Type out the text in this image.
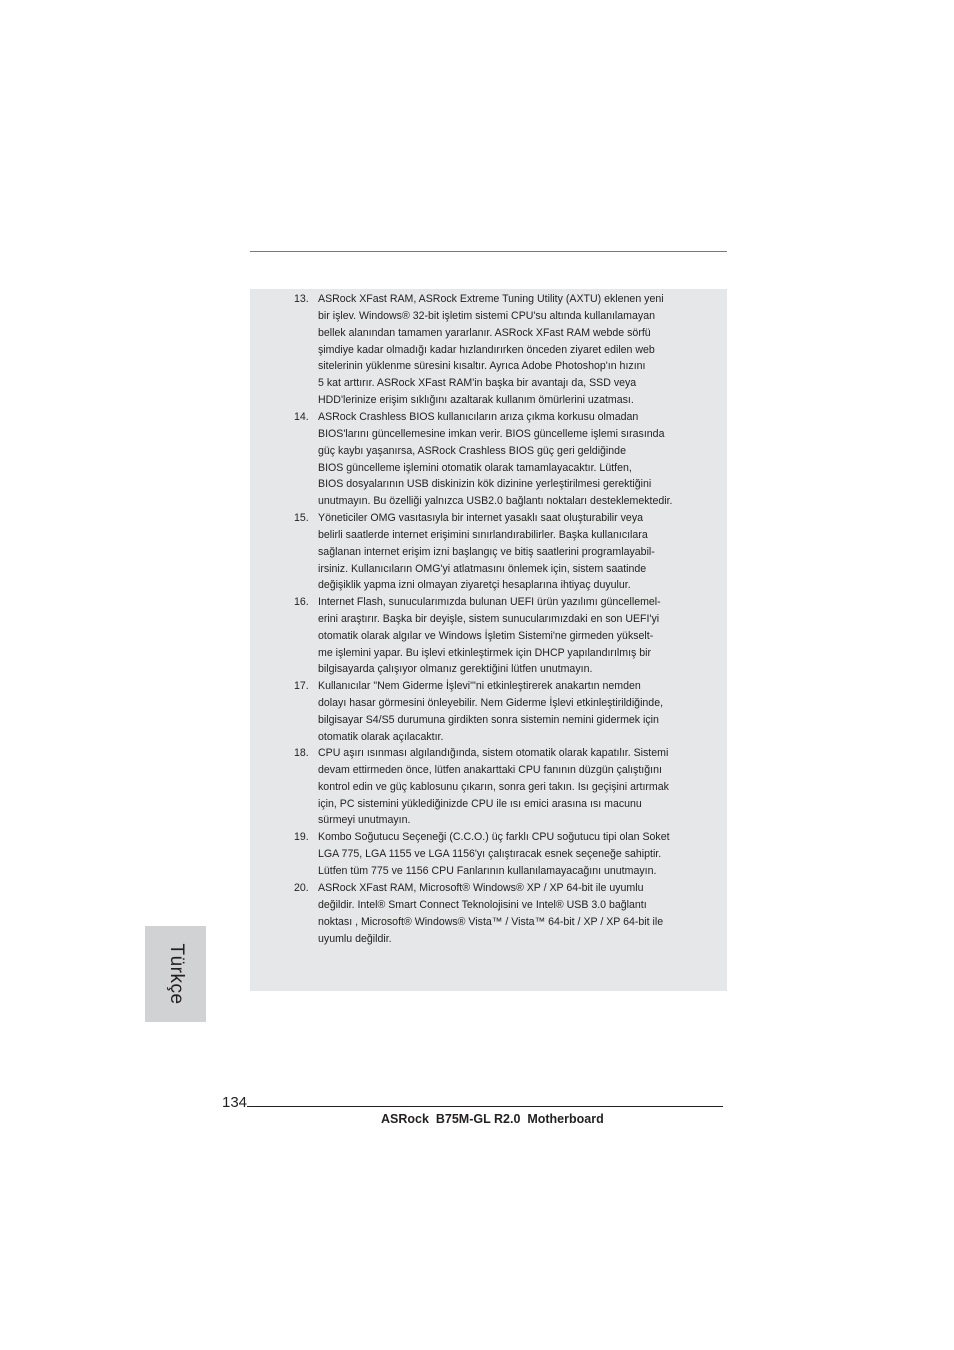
13. ASRock XFast RAM, ASRock Extreme Tuning Utility (AXTU) eklenen yeni
bir işlev. Windows® 32-bit işletim sistemi CPU'su altında kullanılamayan
bellek alanından tamamen yararlanır. ASRock XFast RAM webde sörfü
şimdiye kadar olmadığı kadar hızlandırırken önceden ziyaret edilen web
sitelerinin yüklenme süresini kısaltır. Ayrıca Adobe Photoshop'ın hızını
5 kat arttırır. ASRock XFast RAM'in başka bir avantajı da, SSD veya
HDD'lerinize erişim sıklığını azaltarak kullanım ömürlerini uzatması.
14. ASRock Crashless BIOS kullanıcıların arıza çıkma korkusu olmadan
BIOS'larını güncellemesine imkan verir. BIOS güncelleme işlemi sırasında
güç kaybı yaşanırsa, ASRock Crashless BIOS güç geri geldiğinde
BIOS güncelleme işlemini otomatik olarak tamamlayacaktır. Lütfen,
BIOS dosyalarının USB diskinizin kök dizinine yerleştirilmesi gerektiğini
unutmayın. Bu özelliği yalnızca USB2.0 bağlantı noktaları desteklemektedir.
15. Yöneticiler OMG vasıtasıyla bir internet yasaklı saat oluşturabilir veya
belirli saatlerde internet erişimini sınırlandırabilirler. Başka kullanıcılara
sağlanan internet erişim izni başlangıç ve bitiş saatlerini programlayabil-
irsiniz. Kullanıcıların OMG'yi atlatmasını önlemek için, sistem saatinde
değişiklik yapma izni olmayan ziyaretçi hesaplarına ihtiyaç duyulur.
16. Internet Flash, sunucularımızda bulunan UEFI ürün yazılımı güncellemel-
erini araştırır. Başka bir deyişle, sistem sunucularımızdaki en son UEFI'yi
otomatik olarak algılar ve Windows İşletim Sistemi'ne girmeden yükselt-
me işlemini yapar. Bu işlevi etkinleştirmek için DHCP yapılandırılmış bir
bilgisayarda çalışıyor olmanız gerektiğini lütfen unutmayın.
17. Kullanıcılar "Nem Giderme İşlevi"'ni etkinleştirerek anakartın nemden
dolayı hasar görmesini önleyebilir. Nem Giderme İşlevi etkinleştirildiğinde,
bilgisayar S4/S5 durumuna girdikten sonra sistemin nemini gidermek için
otomatik olarak açılacaktır.
18. CPU aşırı ısınması algılandığında, sistem otomatik olarak kapatılır. Sistemi
devam ettirmeden önce, lütfen anakarttaki CPU fanının düzgün çalıştığını
kontrol edin ve güç kablosunu çıkarın, sonra geri takın. Isı geçişini artırmak
için, PC sistemini yüklediğinizde CPU ile ısı emici arasına ısı macunu
sürmeyi unutmayın.
19. Kombo Soğutucu Seçeneği (C.C.O.) üç farklı CPU soğutucu tipi olan Soket
LGA 775, LGA 1155 ve LGA 1156'yı çalıştıracak esnek seçeneğe sahiptir.
Lütfen tüm 775 ve 1156 CPU Fanlarının kullanılamayacağını unutmayın.
20. ASRock XFast RAM, Microsoft® Windows® XP / XP 64-bit ile uyumlu
değildir. Intel® Smart Connect Teknolojisini ve Intel® USB 3.0 bağlantı
noktası , Microsoft® Windows® Vista™ / Vista™ 64-bit / XP / XP 64-bit ile
uyumlu değildir.
Türkçe
134
ASRock  B75M-GL R2.0  Motherboard
